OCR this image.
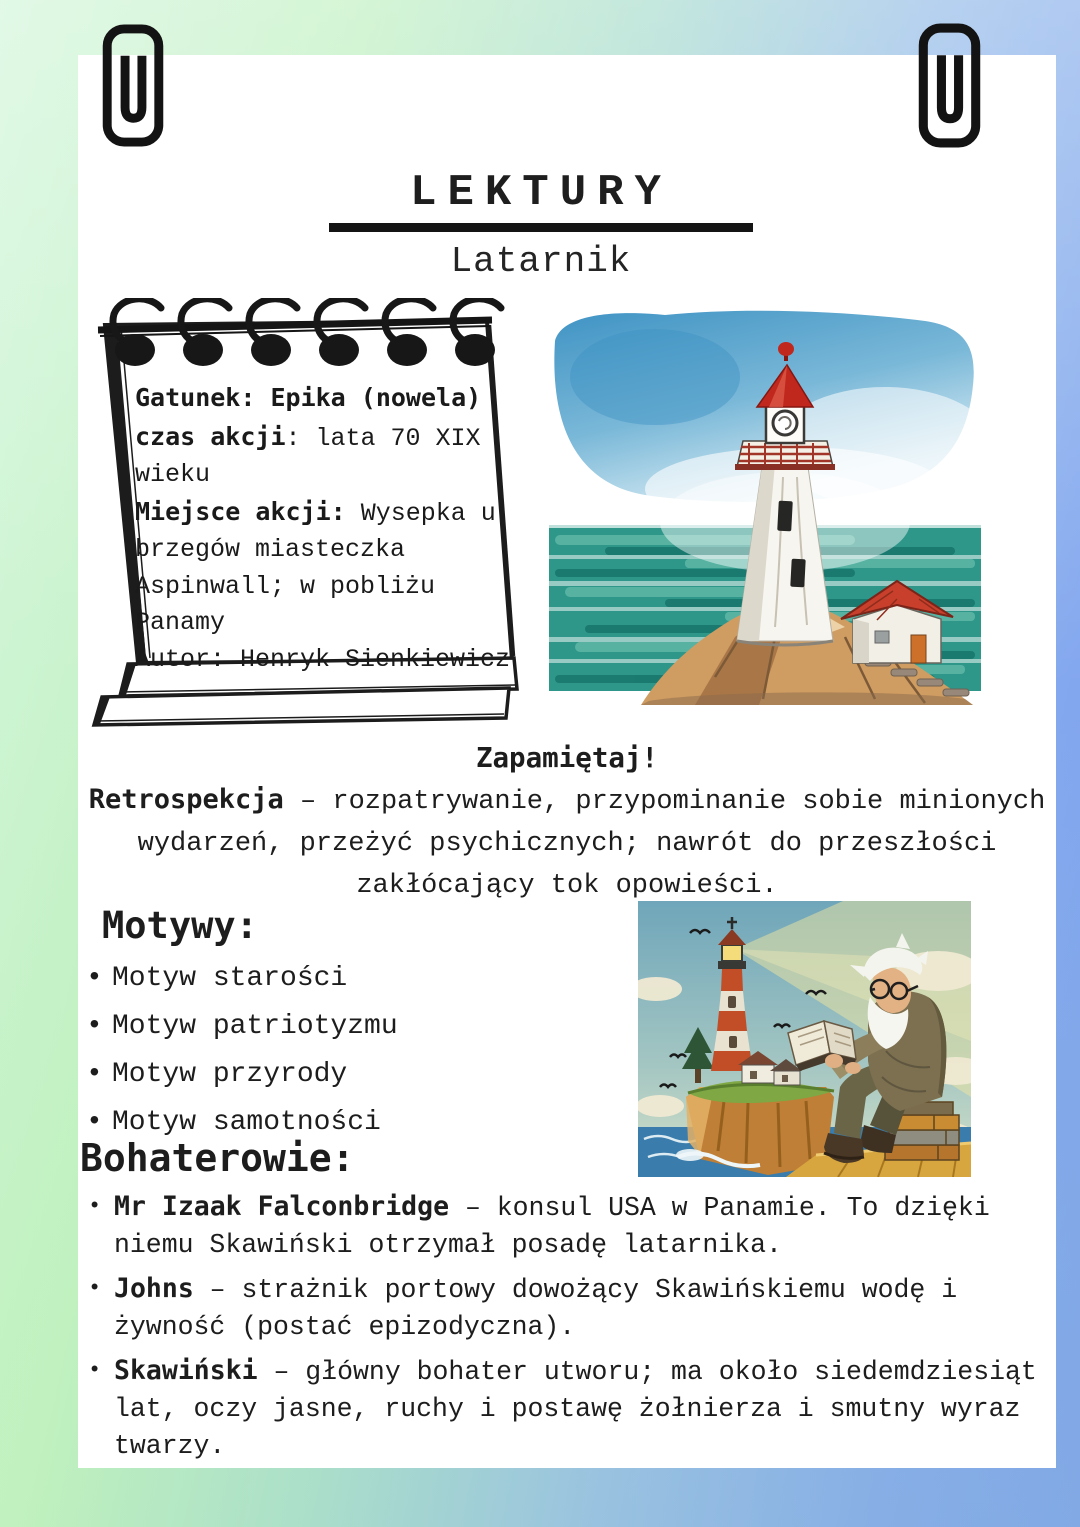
LEKTURY
Latarnik
Gatunek: Epika (nowela)
czas akcji: lata 70 XIX wieku
Miejsce akcji: Wysepka u brzegów miasteczka Aspinwall; w pobliżu Panamy
Autor: Henryk Sienkiewicz
Zapamiętaj!
Retrospekcja – rozpatrywanie, przypominanie sobie minionych wydarzeń, przeżyć psychicznych; nawrót do przeszłości zakłócający tok opowieści.
Motywy:
• Motyw starości
• Motyw patriotyzmu
• Motyw przyrody
• Motyw samotności
Bohaterowie:
• Mr Izaak Falconbridge – konsul USA w Panamie. To dzięki niemu Skawiński otrzymał posadę latarnika.
• Johns – strażnik portowy dowożący Skawińskiemu wodę i żywność (postać epizodyczna).
• Skawiński – główny bohater utworu; ma około siedemdziesiąt lat, oczy jasne, ruchy i postawę żołnierza i smutny wyraz twarzy.
